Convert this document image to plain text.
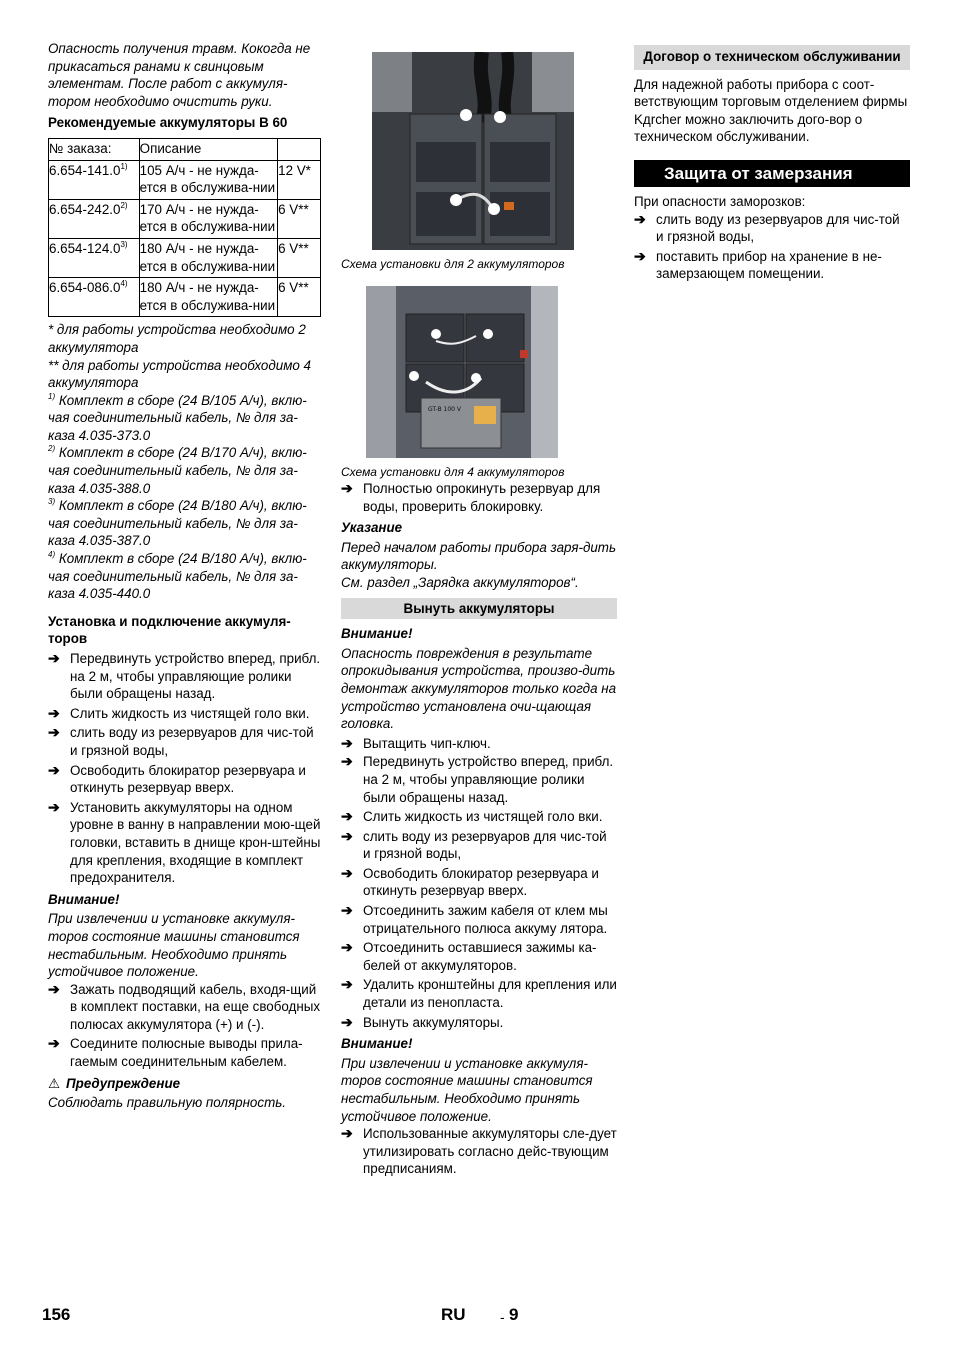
Опасность получения травм. Кокогда не прикасаться ранами к свинцовым элементам. После работ с аккумуля-тором необходимо очистить руки.

Рекомендуемые аккумуляторы В 60

№ заказа:	Описание	
6.654-141.0$^{1)}$	105 А/ч - не нужда-ется в обслужива-нии	12 V*
6.654-242.0$^{2)}$	170 А/ч - не нужда-ется в обслужива-нии	6 V**
6.654-124.0$^{3)}$	180 А/ч - не нужда-ется в обслужива-нии	6 V**
6.654-086.0$^{4)}$	180 А/ч - не нужда-ется в обслужива-нии	6 V**

* для работы устройства необходимо 2 аккумулятора

** для работы устройства необходимо 4 аккумулятора

$^{1)}$ Комплект в сборе (24 В/105 А/ч), вклю-чая соединительный кабель, № для за-каза 4.035-373.0

$^{2)}$ Комплект в сборе (24 В/170 А/ч), вклю-чая соединительный кабель, № для за-каза 4.035-388.0

$^{3)}$ Комплект в сборе (24 В/180 А/ч), вклю-чая соединительный кабель, № для за-каза 4.035-387.0

$^{4)}$ Комплект в сборе (24 В/180 А/ч), вклю-чая соединительный кабель, № для за-каза 4.035-440.0

Установка и подключение аккумуля-торов

➔ Передвинуть устройство вперед, прибл. на 2 м, чтобы управляющие ролики были обращены назад.
➔ Слить жидкость из чистящей голо вки.
➔ слить воду из резервуаров для чис-той и грязной воды,
➔ Освободить блокиратор резервуара и откинуть резервуар вверх.
➔ Установить аккумуляторы на одном уровне в ванну в направлении мою-щей головки, вставить в днище крон-штейны для крепления, входящие в комплект предохранителя.

Внимание!

При извлечении и установке аккумуля-торов состояние машины становится нестабильным. Необходимо принять устойчивое положение.

➔ Зажать подводящий кабель, входя-щий в комплект поставки, на еще свободных полюсах аккумулятора (+) и (-).
➔ Соедините полюсные выводы прила-гаемым соединительным кабелем.

⚠ Предупреждение

Соблюдать правильную полярность.

Схема установки для 2 аккумуляторов

GT-B 100 V

Схема установки для 4 аккумуляторов

➔ Полностью опрокинуть резервуар для воды, проверить блокировку.

Указание

Перед началом работы прибора заря-дить аккумуляторы.

См. раздел „Зарядка аккумуляторов“.

Вынуть аккумуляторы

Внимание!

Опасность повреждения в результате опрокидывания устройства, произво-дить демонтаж аккумуляторов только когда на устройство установлена очи-щающая головка.

➔ Вытащить чип-ключ.
➔ Передвинуть устройство вперед, прибл. на 2 м, чтобы управляющие ролики были обращены назад.
➔ Слить жидкость из чистящей голо вки.
➔ слить воду из резервуаров для чис-той и грязной воды,
➔ Освободить блокиратор резервуара и откинуть резервуар вверх.
➔ Отсоединить зажим кабеля от клем мы отрицательного полюса аккуму лятора.
➔ Отсоединить оставшиеся зажимы ка-белей от аккумуляторов.
➔ Удалить кронштейны для крепления или детали из пенопласта.
➔ Вынуть аккумуляторы.

Внимание!

При извлечении и установке аккумуля-торов состояние машины становится нестабильным. Необходимо принять устойчивое положение.

➔ Использованные аккумуляторы сле-дует утилизировать согласно дейс-твующим предписаниям.
Договор о техническом обслуживании

Для надежной работы прибора с соот-ветствующим торговым отделением фирмы Kдrcher можно заключить дого-вор о техническом обслуживании.

Защита от замерзания

При опасности заморозков:

➔ слить воду из резервуаров для чис-той и грязной воды,
➔ поставить прибор на хранение в не-замерзающем помещении.
156	RU - 9
